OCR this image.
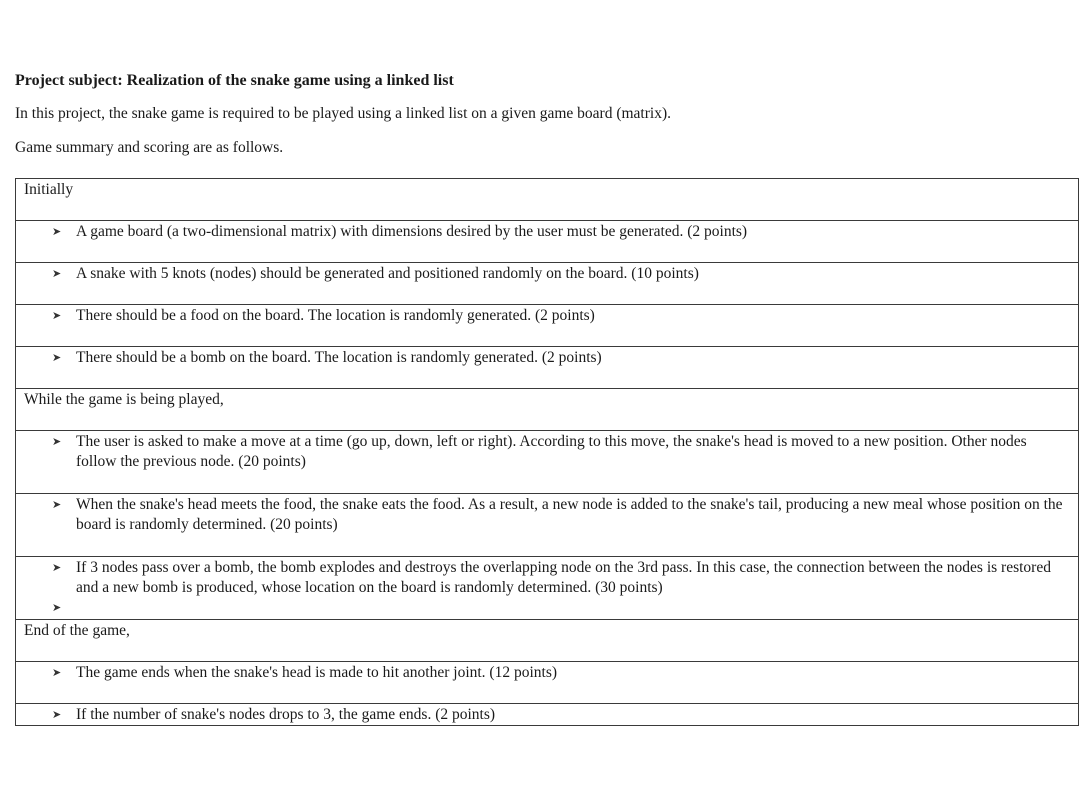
Project subject: Realization of the snake game using a linked list
In this project, the snake game is required to be played using a linked list on a given game board (matrix).
Game summary and scoring are as follows.
Initially

➤ A game board (a two-dimensional matrix) with dimensions desired by the user must be generated. (2 points)

➤ A snake with 5 knots (nodes) should be generated and positioned randomly on the board. (10 points)

➤ There should be a food on the board. The location is randomly generated. (2 points)

➤ There should be a bomb on the board. The location is randomly generated. (2 points)

While the game is being played,

➤ The user is asked to make a move at a time (go up, down, left or right). According to this move, the snake's head is moved to a new position. Other nodes follow the previous node. (20 points)

➤ When the snake's head meets the food, the snake eats the food. As a result, a new node is added to the snake's tail, producing a new meal whose position on the board is randomly determined. (20 points)

➤ If 3 nodes pass over a bomb, the bomb explodes and destroys the overlapping node on the 3rd pass. In this case, the connection between the nodes is restored and a new bomb is produced, whose location on the board is randomly determined. (30 points)
➤

End of the game,

➤ The game ends when the snake's head is made to hit another joint. (12 points)

➤ If the number of snake's nodes drops to 3, the game ends. (2 points)
